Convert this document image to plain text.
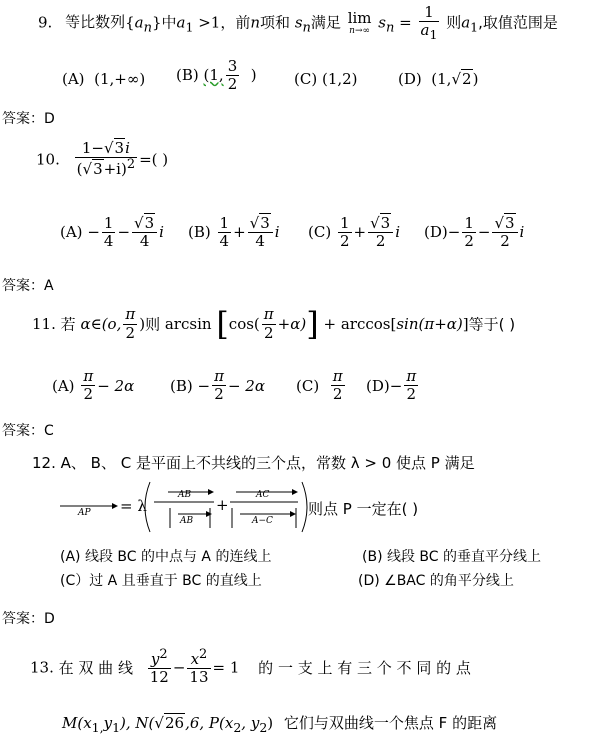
9. 等比数列$\{a_n\}$中$a_1 >1$，前n项和 $s_n$满足 lim
n→∞ $s_n = \frac{1}{a_1}$ 则$a_1$,取值范围是
(A) (1,+∞) (B) (1, $\frac{3}{2}$ ) (C) (1,2)	(D) (1,√2)
答案：D
10. $\frac{1-√3i}{(√3+i)^2}$ =( )
$(A) - \frac{1}{4} - \frac{√3}{4}$ i $(B) \frac{1}{4} + \frac{√3}{4}$ i $(C) \frac{1}{2} + \frac{√3}{2}$ i $(D)- \frac{1}{2} - \frac{√3}{2}$ i
答案：A
11. 若 α∈(o, $\frac{\pi}{2}$ )则 $\arcsin [\cos( \frac{\pi}{2} +\alpha)] + \arccos[\sin(\pi+\alpha)]$等于( )
$(A) \frac{\pi}{2} - 2\alpha$ $(B) - \frac{\pi}{2} - 2\alpha$ $(C) \frac{\pi}{2} (D)- \frac{\pi}{2}$
答案：C
12. A、 B、 C 是平面上不共线的三个点，常数 λ > 0 使点 P 满足
AP = λ
AB
AB
+
AC
A−C
则点 P 一定在( )
(A) 线段 BC 的中点与 A 的连线上	(B) 线段 BC 的垂直平分线上
(C）过 A 且垂直于 BC 的直线上	(D) ∠BAC 的角平分线上
答案：D
13. 在 双 曲 线 $\frac{y^2}{12} - \frac{x^2}{13} = 1$ 的 一 支 上 有 三 个 不 同 的 点
$M(x_{1,}y_1)$, N(√26,6, $P(x_2$, $y_2$) 它们与双曲线一个焦点 F 的距离
